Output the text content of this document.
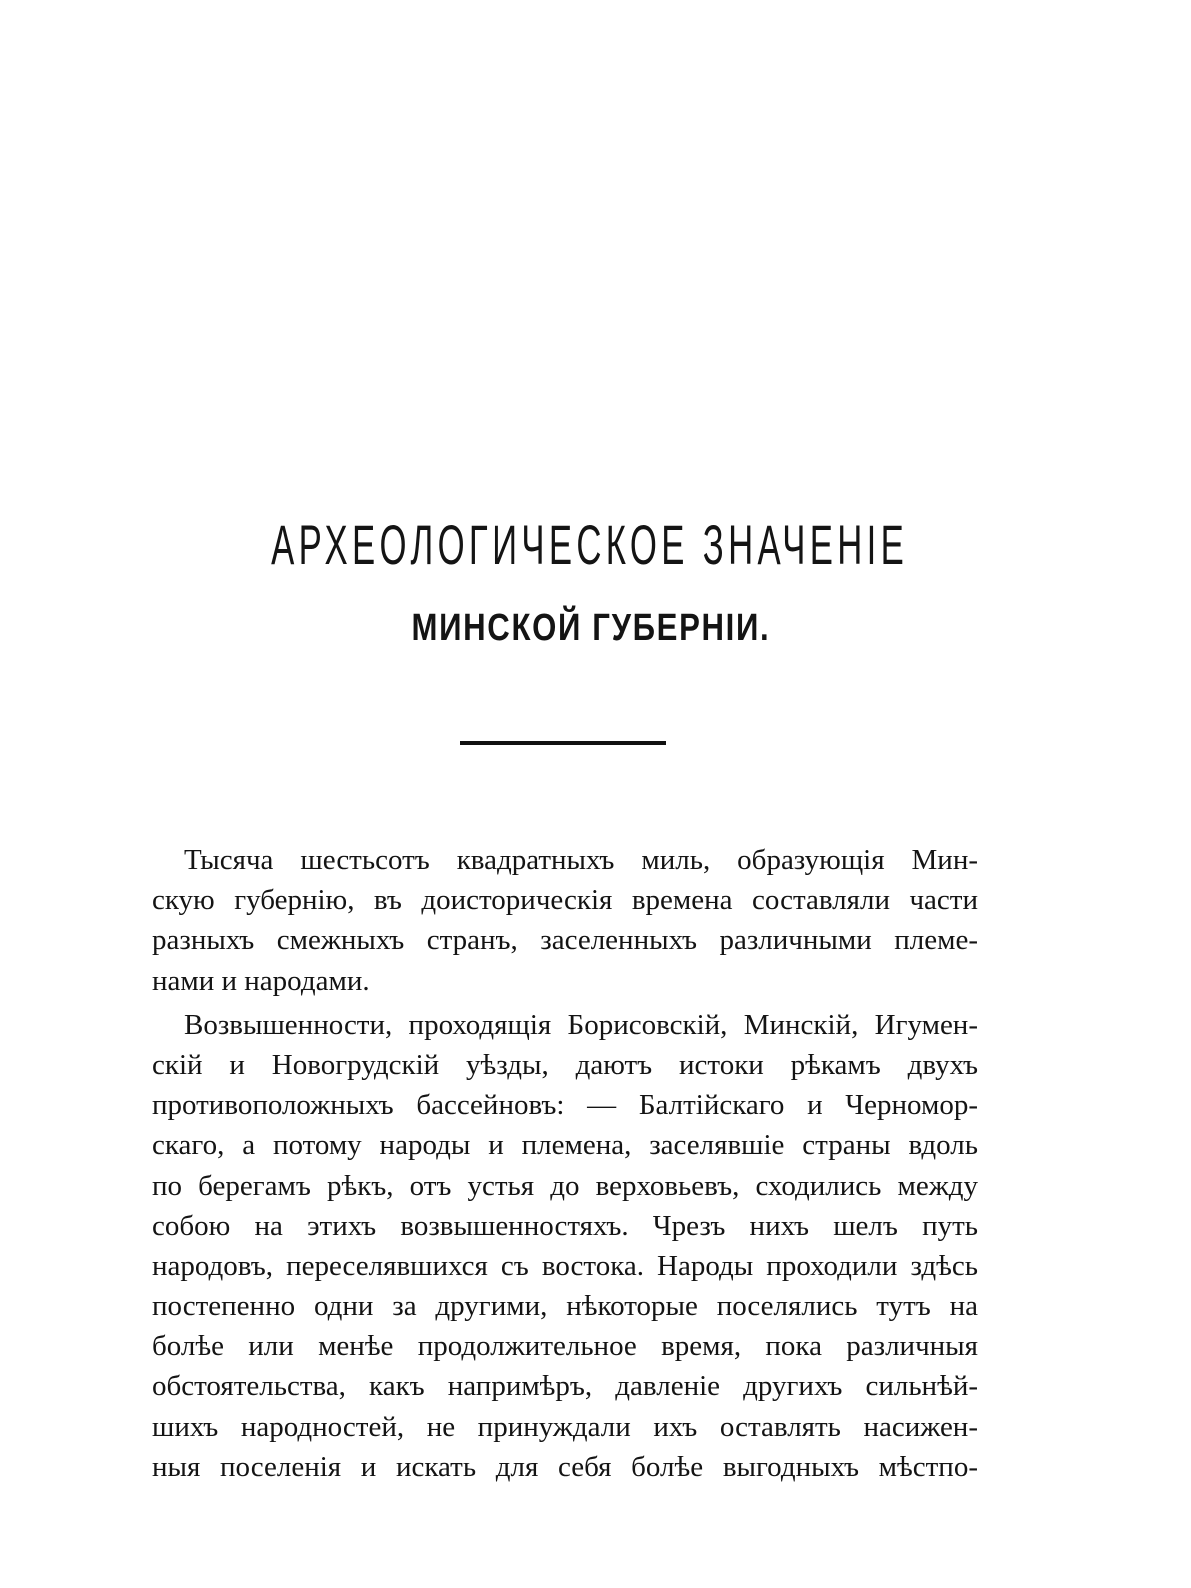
АРХЕОЛОГИЧЕСКОЕ ЗНАЧЕНІЕ
МИНСКОЙ ГУБЕРНІИ.
Тысяча шестьсотъ квадратныхъ миль, образующія Мин-
скую губернію, въ доисторическія времена составляли части
разныхъ смежныхъ странъ, заселенныхъ различными племе-
нами и народами.
Возвышенности, проходящія Борисовскій, Минскій, Игумен-
скій и Новогрудскій уѣзды, даютъ истоки рѣкамъ двухъ
противоположныхъ бассейновъ: — Балтійскаго и Черномор-
скаго, а потому народы и племена, заселявшіе страны вдоль
по берегамъ рѣкъ, отъ устья до верховьевъ, сходились между
собою на этихъ возвышенностяхъ. Чрезъ нихъ шелъ путь
народовъ, переселявшихся съ востока. Народы проходили здѣсь
постепенно одни за другими, нѣкоторые поселялись тутъ на
болѣе или менѣе продолжительное время, пока различныя
обстоятельства, какъ напримѣръ, давленіе другихъ сильнѣй-
шихъ народностей, не принуждали ихъ оставлять насижен-
ныя поселенія и искать для себя болѣе выгодныхъ мѣстпо-
